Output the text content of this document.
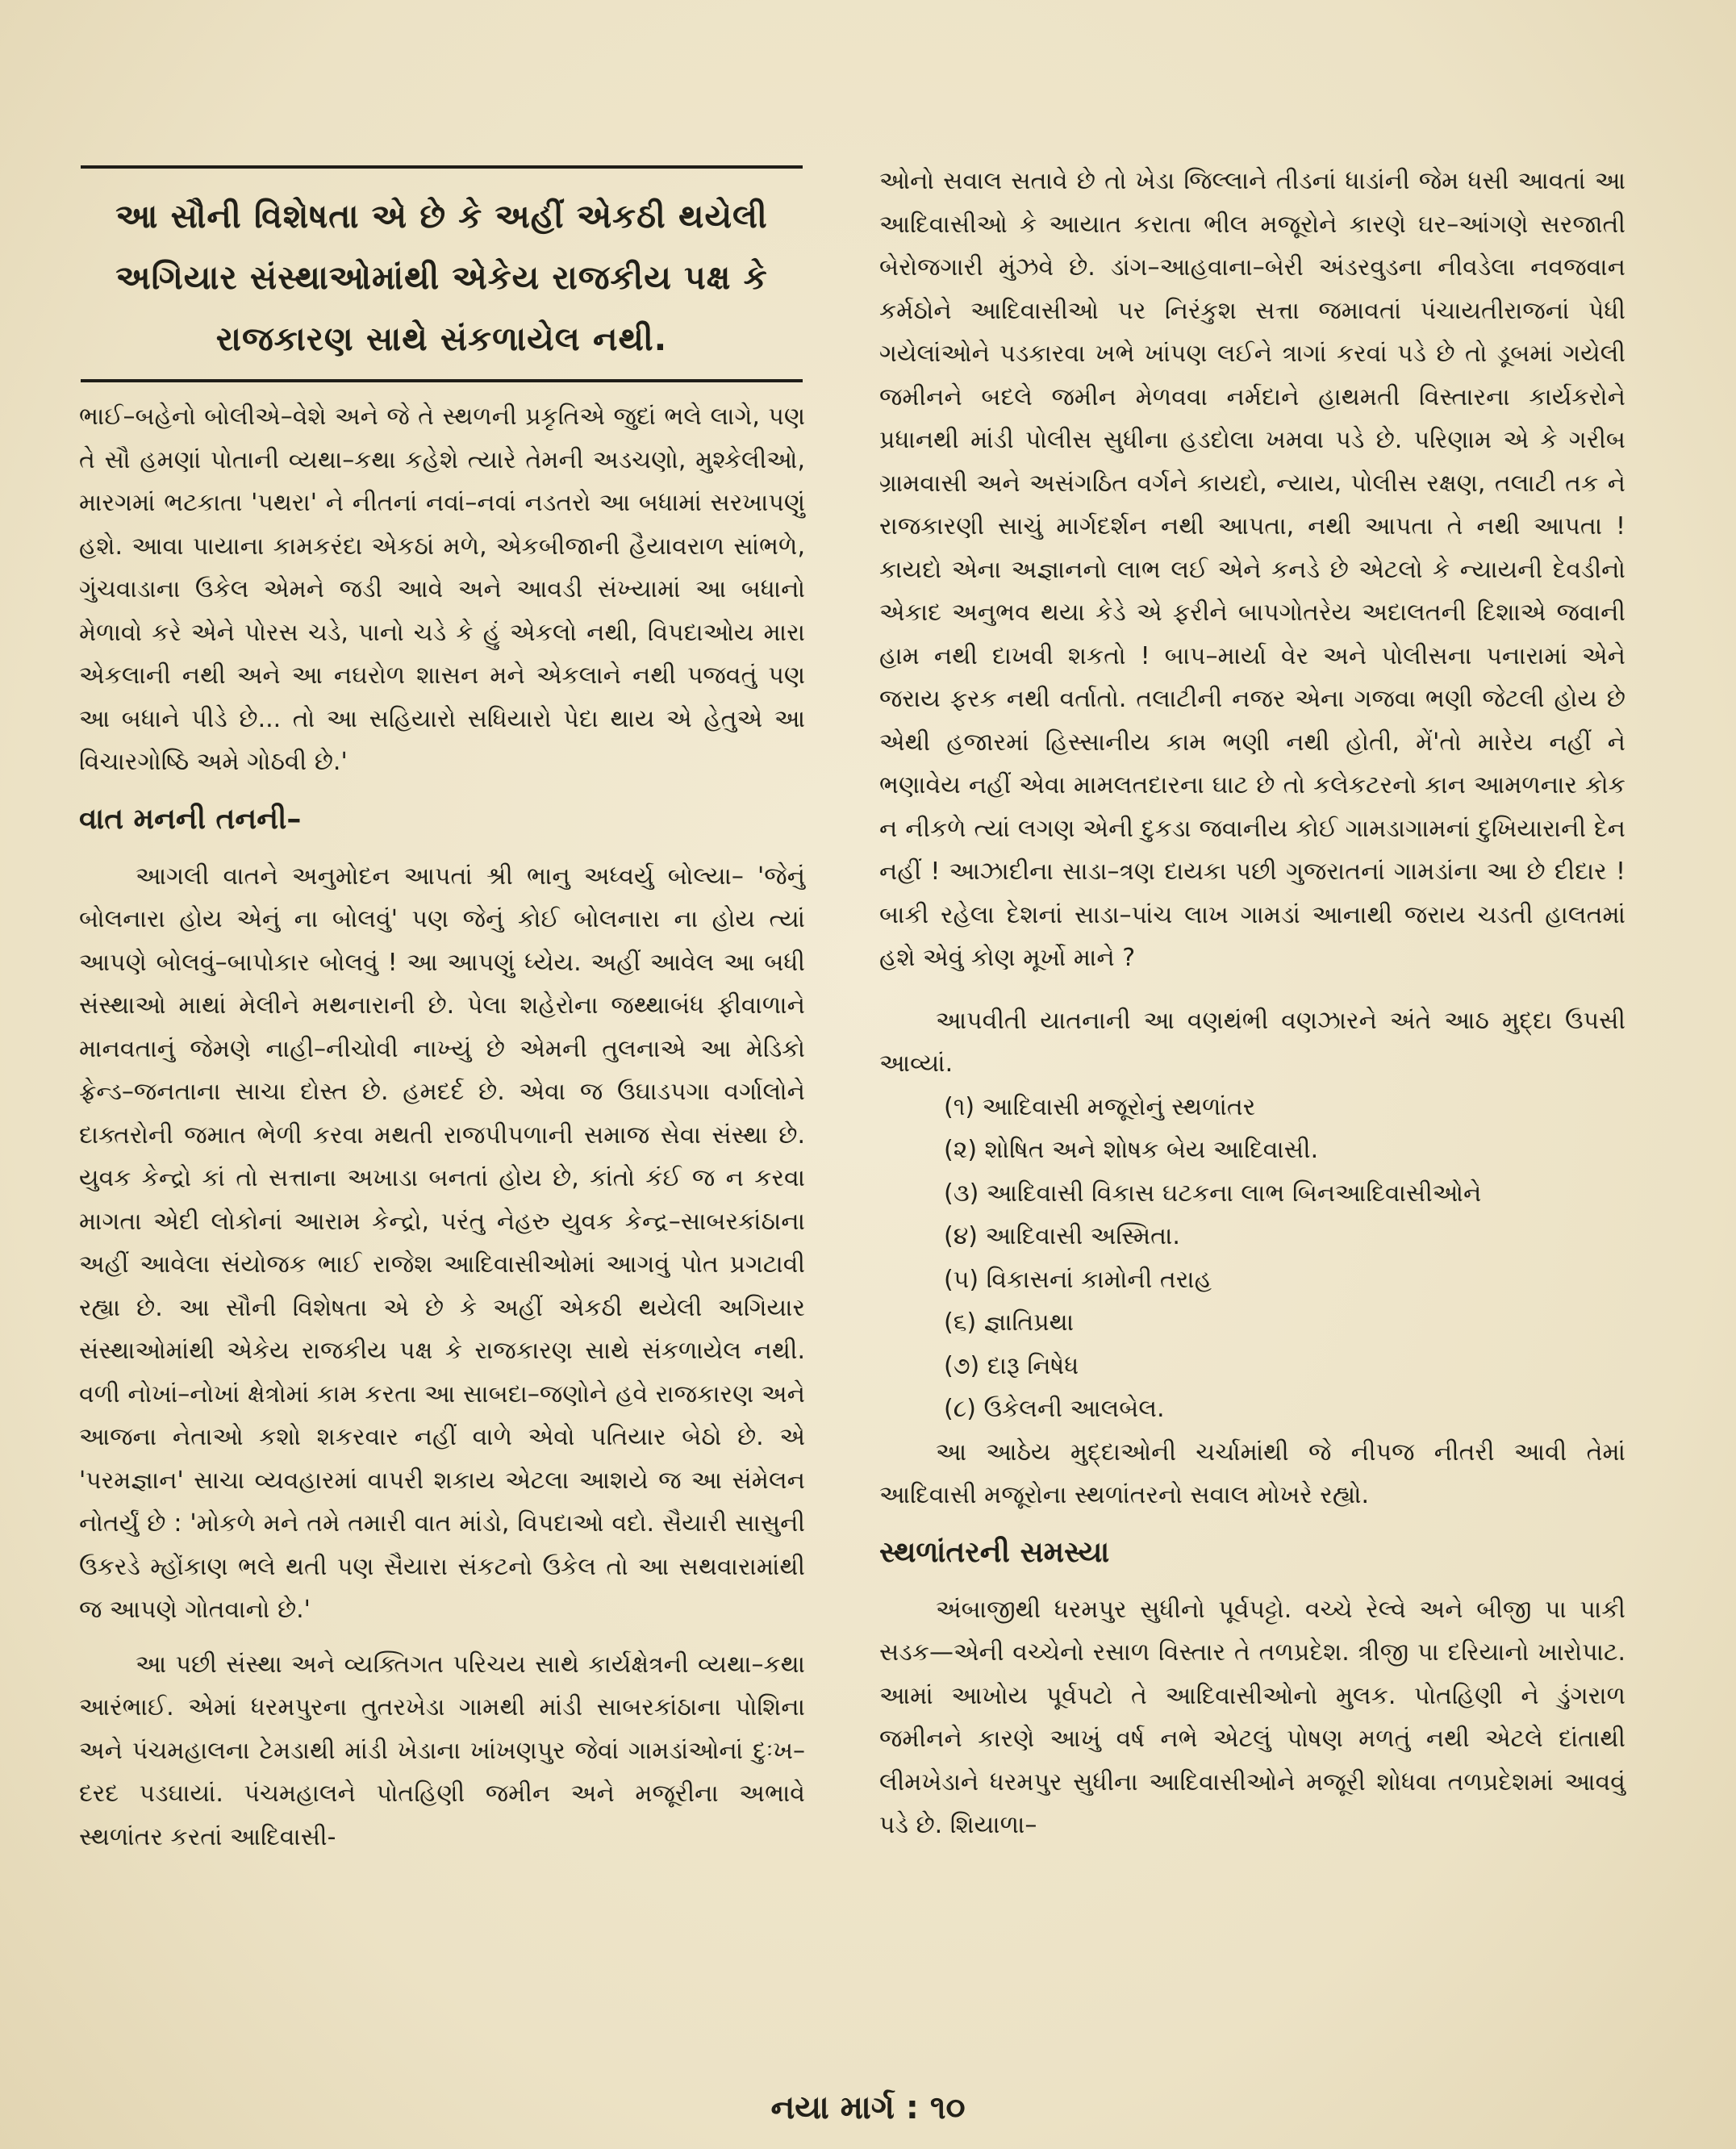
આ સૌની વિશેષતા એ છે કે અહીં એકઠી થયેલી અગિયાર સંસ્થાઓમાંથી એકેય રાજકીય પક્ષ કે રાજકારણ સાથે સંકળાયેલ નથી.

ભાઈ–બહેનો બોલીએ–વેશે અને જે તે સ્થળની પ્રકૃતિએ જુદાં ભલે લાગે, પણ તે સૌ હમણાં પોતાની વ્યથા–કથા કહેશે ત્યારે તેમની અડચણો, મુશ્કેલીઓ, મારગમાં ભટકાતા 'પથરા' ને નીતનાં નવાં–નવાં નડતરો આ બધામાં સરખાપણું હશે. આવા પાયાના કામકરંદા એકઠાં મળે, એકબીજાની હૈયાવરાળ સાંભળે, ગુંચવાડાના ઉકેલ એમને જડી આવે અને આવડી સંખ્યામાં આ બધાનો મેળાવો કરે એને પોરસ ચડે, પાનો ચડે કે હું એકલો નથી, વિપદાઓય મારા એકલાની નથી અને આ નઘરોળ શાસન મને એકલાને નથી પજવતું પણ આ બધાને પીડે છે... તો આ સહિયારો સધિયારો પેદા થાય એ હેતુએ આ વિચારગોષ્ઠિ અમે ગોઠવી છે.'

વાત મનની તનની–

આગલી વાતને અનુમોદન આપતાં શ્રી ભાનુ અધ્વર્યુ બોલ્યા– 'જેનું બોલનારા હોય એનું ના બોલવું' પણ જેનું કોઈ બોલનારા ના હોય ત્યાં આપણે બોલવું–બાપોકાર બોલવું ! આ આપણું ધ્યેય. અહીં આવેલ આ બધી સંસ્થાઓ માથાં મેલીને મથનારાની છે. પેલા શહેરોના જથ્થાબંધ ફીવાળાને માનવતાનું જેમણે નાહી–નીચોવી નાખ્યું છે એમની તુલનાએ આ મેડિકો ફ્રેન્ડ–જનતાના સાચા દોસ્ત છે. હમદર્દ છે. એવા જ ઉઘાડપગા વર્ગાલોને દાક્તરોની જમાત ભેળી કરવા મથતી રાજપીપળાની સમાજ સેવા સંસ્થા છે. યુવક કેન્દ્રો કાં તો સત્તાના અખાડા બનતાં હોય છે, કાંતો કંઈ જ ન કરવા માગતા એદી લોકોનાં આરામ કેન્દ્રો, પરંતુ નેહરુ યુવક કેન્દ્ર–સાબરકાંઠાના અહીં આવેલા સંયોજક ભાઈ રાજેશ આદિવાસીઓમાં આગવું પોત પ્રગટાવી રહ્યા છે. આ સૌની વિશેષતા એ છે કે અહીં એકઠી થયેલી અગિયાર સંસ્થાઓમાંથી એકેય રાજકીય પક્ષ કે રાજકારણ સાથે સંકળાયેલ નથી. વળી નોખાં–નોખાં ક્ષેત્રોમાં કામ કરતા આ સાબદા–જણોને હવે રાજકારણ અને આજના નેતાઓ કશો શકરવાર નહીં વાળે એવો પતિયાર બેઠો છે. એ 'પરમજ્ઞાન' સાચા વ્યવહારમાં વાપરી શકાય એટલા આશયે જ આ સંમેલન નોતર્યું છે : 'મોકળે મને તમે તમારી વાત માંડો, વિપદાઓ વદો. સૈયારી સાસુની ઉકરડે મ્હોંકાણ ભલે થતી પણ સૈયારા સંકટનો ઉકેલ તો આ સથવારામાંથી જ આપણે ગોતવાનો છે.'

આ પછી સંસ્થા અને વ્યક્તિગત પરિચય સાથે કાર્યક્ષેત્રની વ્યથા–કથા આરંભાઈ. એમાં ધરમપુરના તુતરખેડા ગામથી માંડી સાબરકાંઠાના પોશિના અને પંચમહાલના ટેમડાથી માંડી ખેડાના ખાંખણપુર જેવાં ગામડાંઓનાં દુઃખ–દરદ પડઘાયાં. પંચમહાલને પોતહિણી જમીન અને મજૂરીના અભાવે સ્થળાંતર કરતાં આદિવાસી-

ઓનો સવાલ સતાવે છે તો ખેડા જિલ્લાને તીડનાં ધાડાંની જેમ ધસી આવતાં આ આદિવાસીઓ કે આયાત કરાતા ભીલ મજૂરોને કારણે ઘર–આંગણે સરજાતી બેરોજગારી મુંઝવે છે. ડાંગ–આહવાના–બેરી અંડરવુડના નીવડેલા નવજવાન કર્મઠોને આદિવાસીઓ પર નિરંકુશ સત્તા જમાવતાં પંચાયતીરાજનાં પેધી ગયેલાંઓને પડકારવા ખભે ખાંપણ લઈને ત્રાગાં કરવાં પડે છે તો ડૂબમાં ગયેલી જમીનને બદલે જમીન મેળવવા નર્મદાને હાથમતી વિસ્તારના કાર્યકરોને પ્રધાનથી માંડી પોલીસ સુધીના હડદોલા ખમવા પડે છે. પરિણામ એ કે ગરીબ ગ્રામવાસી અને અસંગઠિત વર્ગને કાયદો, ન્યાય, પોલીસ રક્ષણ, તલાટી તક ને રાજકારણી સાચું માર્ગદર્શન નથી આપતા, નથી આપતા તે નથી આપતા ! કાયદો એના અજ્ઞાનનો લાભ લઈ એને કનડે છે એટલો કે ન્યાયની દેવડીનો એકાદ અનુભવ થયા કેડે એ ફરીને બાપગોતરેય અદાલતની દિશાએ જવાની હામ નથી દાખવી શકતો ! બાપ–માર્યા વેર અને પોલીસના પનારામાં એને જરાય ફરક નથી વર્તાતો. તલાટીની નજર એના ગજવા ભણી જેટલી હોય છે એથી હજારમાં હિસ્સાનીય કામ ભણી નથી હોતી, મેં'તો મારેય નહીં ને ભણાવેય નહીં એવા મામલતદારના ઘાટ છે તો કલેકટરનો કાન આમળનાર કોક ન નીકળે ત્યાં લગણ એની દુકડા જવાનીય કોઈ ગામડાગામનાં દુખિયારાની દેન નહીં ! આઝાદીના સાડા–ત્રણ દાયકા પછી ગુજરાતનાં ગામડાંના આ છે દીદાર ! બાકી રહેલા દેશનાં સાડા–પાંચ લાખ ગામડાં આનાથી જરાય ચડતી હાલતમાં હશે એવું કોણ મૂર્ખો માને ?

આપવીતી યાતનાની આ વણથંભી વણઝારને અંતે આઠ મુદ્દા ઉપસી આવ્યાં.

(૧) આદિવાસી મજૂરોનું સ્થળાંતર
(૨) શોષિત અને શોષક બેય આદિવાસી.
(૩) આદિવાસી વિકાસ ઘટકના લાભ બિનઆદિવાસીઓને
(૪) આદિવાસી અસ્મિતા.
(૫) વિકાસનાં કામોની તરાહ
(૬) જ્ઞાતિપ્રથા
(૭) દારૂ નિષેધ
(૮) ઉકેલની આલબેલ.

આ આઠેય મુદ્દાઓની ચર્ચામાંથી જે નીપજ નીતરી આવી તેમાં આદિવાસી મજૂરોના સ્થળાંતરનો સવાલ મોખરે રહ્યો.

સ્થળાંતરની સમસ્યા

અંબાજીથી ધરમપુર સુધીનો પૂર્વપટ્ટો. વચ્ચે રેલ્વે અને બીજી પા પાકી સડક—એની વચ્ચેનો રસાળ વિસ્તાર તે તળપ્રદેશ. ત્રીજી પા દરિયાનો ખારોપાટ. આમાં આખોય પૂર્વપટો તે આદિવાસીઓનો મુલક. પોતહિણી ને ડુંગરાળ જમીનને કારણે આખું વર્ષ નભે એટલું પોષણ મળતું નથી એટલે દાંતાથી લીમખેડાને ધરમપુર સુધીના આદિવાસીઓને મજૂરી શોધવા તળપ્રદેશમાં આવવું પડે છે. શિયાળા–

નયા માર્ગ : ૧૦
